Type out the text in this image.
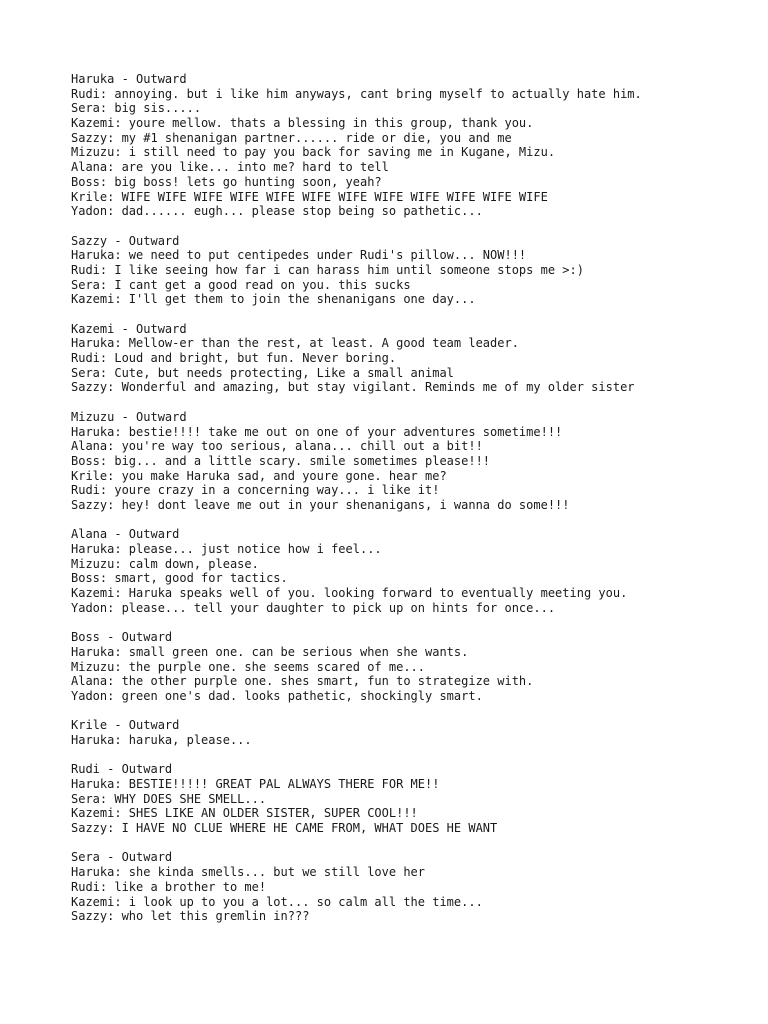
Haruka - Outward
Rudi: annoying. but i like him anyways, cant bring myself to actually hate him.
Sera: big sis.....
Kazemi: youre mellow. thats a blessing in this group, thank you.
Sazzy: my #1 shenanigan partner...... ride or die, you and me
Mizuzu: i still need to pay you back for saving me in Kugane, Mizu.
Alana: are you like... into me? hard to tell
Boss: big boss! lets go hunting soon, yeah?
Krile: WIFE WIFE WIFE WIFE WIFE WIFE WIFE WIFE WIFE WIFE WIFE WIFE
Yadon: dad...... eugh... please stop being so pathetic...
Sazzy - Outward
Haruka: we need to put centipedes under Rudi's pillow... NOW!!!
Rudi: I like seeing how far i can harass him until someone stops me >:)
Sera: I cant get a good read on you. this sucks
Kazemi: I'll get them to join the shenanigans one day...
Kazemi - Outward
Haruka: Mellow-er than the rest, at least. A good team leader.
Rudi: Loud and bright, but fun. Never boring.
Sera: Cute, but needs protecting, Like a small animal
Sazzy: Wonderful and amazing, but stay vigilant. Reminds me of my older sister
Mizuzu - Outward
Haruka: bestie!!!! take me out on one of your adventures sometime!!!
Alana: you're way too serious, alana... chill out a bit!!
Boss: big... and a little scary. smile sometimes please!!!
Krile: you make Haruka sad, and youre gone. hear me?
Rudi: youre crazy in a concerning way... i like it!
Sazzy: hey! dont leave me out in your shenanigans, i wanna do some!!!
Alana - Outward
Haruka: please... just notice how i feel...
Mizuzu: calm down, please.
Boss: smart, good for tactics.
Kazemi: Haruka speaks well of you. looking forward to eventually meeting you.
Yadon: please... tell your daughter to pick up on hints for once...
Boss - Outward
Haruka: small green one. can be serious when she wants.
Mizuzu: the purple one. she seems scared of me...
Alana: the other purple one. shes smart, fun to strategize with.
Yadon: green one's dad. looks pathetic, shockingly smart.
Krile - Outward
Haruka: haruka, please...
Rudi - Outward
Haruka: BESTIE!!!!! GREAT PAL ALWAYS THERE FOR ME!!
Sera: WHY DOES SHE SMELL...
Kazemi: SHES LIKE AN OLDER SISTER, SUPER COOL!!!
Sazzy: I HAVE NO CLUE WHERE HE CAME FROM, WHAT DOES HE WANT
Sera - Outward
Haruka: she kinda smells... but we still love her
Rudi: like a brother to me!
Kazemi: i look up to you a lot... so calm all the time...
Sazzy: who let this gremlin in???
